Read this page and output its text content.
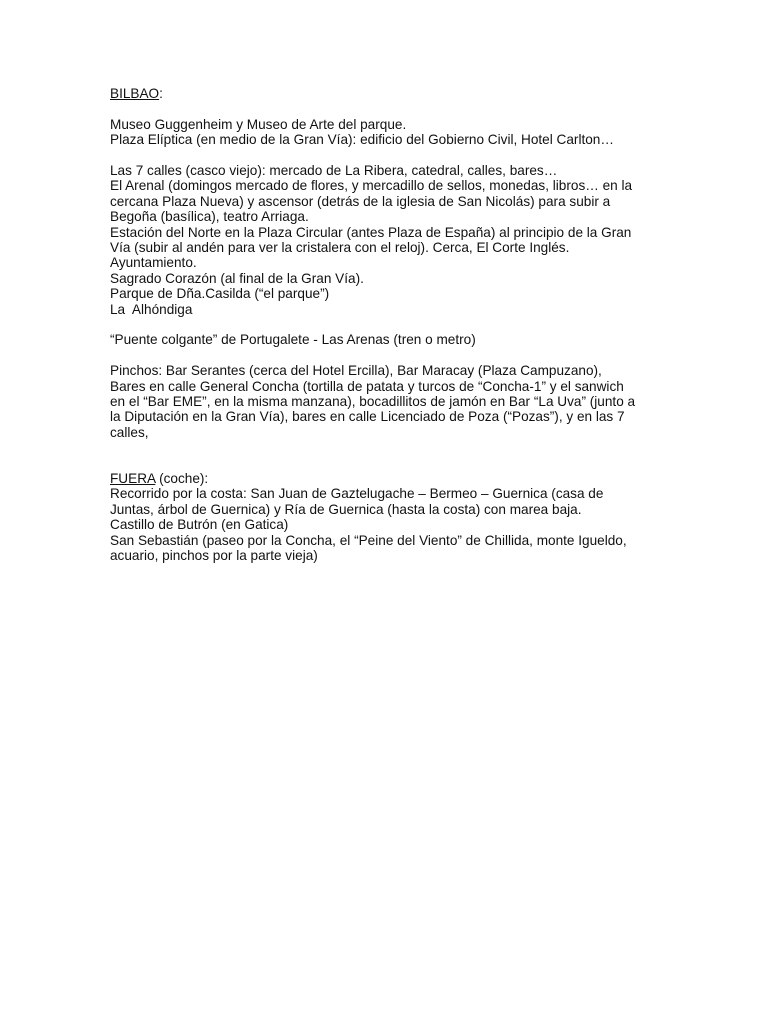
BILBAO:
Museo Guggenheim y Museo de Arte del parque.
Plaza Elíptica (en medio de la Gran Vía): edificio del Gobierno Civil, Hotel Carlton…
Las 7 calles (casco viejo): mercado de La Ribera, catedral, calles, bares…
El Arenal (domingos mercado de flores, y mercadillo de sellos, monedas, libros… en la
cercana Plaza Nueva) y ascensor (detrás de la iglesia de San Nicolás) para subir a
Begoña (basílica), teatro Arriaga.
Estación del Norte en la Plaza Circular (antes Plaza de España) al principio de la Gran
Vía (subir al andén para ver la cristalera con el reloj). Cerca, El Corte Inglés.
Ayuntamiento.
Sagrado Corazón (al final de la Gran Vía).
Parque de Dña.Casilda (“el parque”)
La  Alhóndiga
“Puente colgante” de Portugalete - Las Arenas (tren o metro)
Pinchos: Bar Serantes (cerca del Hotel Ercilla), Bar Maracay (Plaza Campuzano),
Bares en calle General Concha (tortilla de patata y turcos de “Concha-1” y el sanwich
en el “Bar EME”, en la misma manzana), bocadillitos de jamón en Bar “La Uva” (junto a
la Diputación en la Gran Vía), bares en calle Licenciado de Poza (“Pozas”), y en las 7
calles,
FUERA (coche):
Recorrido por la costa: San Juan de Gaztelugache – Bermeo – Guernica (casa de
Juntas, árbol de Guernica) y Ría de Guernica (hasta la costa) con marea baja.
Castillo de Butrón (en Gatica)
San Sebastián (paseo por la Concha, el “Peine del Viento” de Chillida, monte Igueldo,
acuario, pinchos por la parte vieja)
